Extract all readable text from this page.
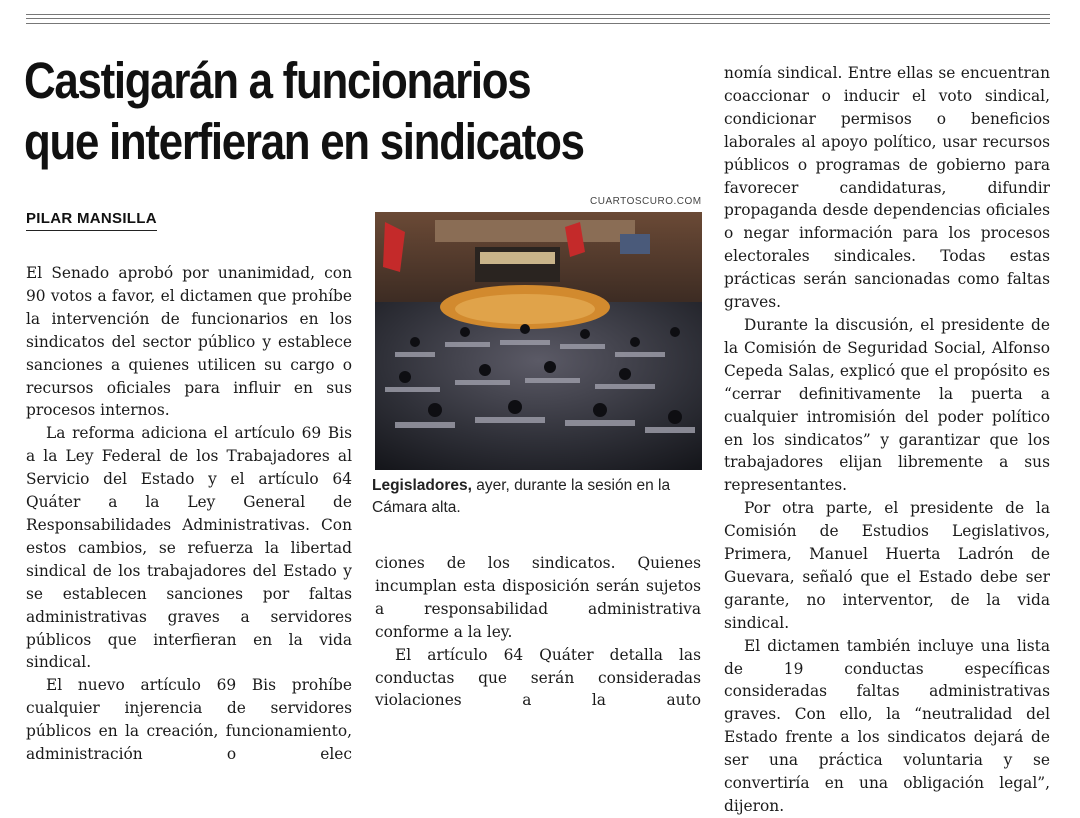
Castigarán a funcionarios
que interfieran en sindicatos
PILAR MANSILLA

El Senado aprobó por unanimidad, con 90 votos a favor, el dictamen que prohíbe la intervención de funcionarios en los sindicatos del sector público y establece sanciones a quienes utilicen su cargo o recursos oficiales para influir en sus procesos internos.

La reforma adiciona el artículo 69 Bis a la Ley Federal de los Trabajadores al Servicio del Estado y el artículo 64 Quáter a la Ley General de Responsabilidades Administrativas. Con estos cambios, se refuerza la libertad sindical de los trabajadores del Estado y se establecen sanciones por faltas administrativas graves a servidores públicos que interfieran en la vida sindical.

El nuevo artículo 69 Bis prohíbe cualquier injerencia de servidores públicos en la creación, funcionamiento, administración o elec

CUARTOSCURO.COM

Legisladores, ayer, durante la sesión en la Cámara alta.

ciones de los sindicatos. Quienes incumplan esta disposición serán sujetos a responsabilidad administrativa conforme a la ley.

El artículo 64 Quáter detalla las conductas que serán consideradas violaciones a la auto

nomía sindical. Entre ellas se encuentran coaccionar o inducir el voto sindical, condicionar permisos o beneficios laborales al apoyo político, usar recursos públicos o programas de gobierno para favorecer candidaturas, difundir propaganda desde dependencias oficiales o negar información para los procesos electorales sindicales. Todas estas prácticas serán sancionadas como faltas graves.

Durante la discusión, el presidente de la Comisión de Seguridad Social, Alfonso Cepeda Salas, explicó que el propósito es “cerrar definitivamente la puerta a cualquier intromisión del poder político en los sindicatos” y garantizar que los trabajadores elijan libremente a sus representantes.

Por otra parte, el presidente de la Comisión de Estudios Legislativos, Primera, Manuel Huerta Ladrón de Guevara, señaló que el Estado debe ser garante, no interventor, de la vida sindical.

El dictamen también incluye una lista de 19 conductas específicas consideradas faltas administrativas graves. Con ello, la “neutralidad del Estado frente a los sindicatos dejará de ser una práctica voluntaria y se convertiría en una obligación legal”, dijeron.
